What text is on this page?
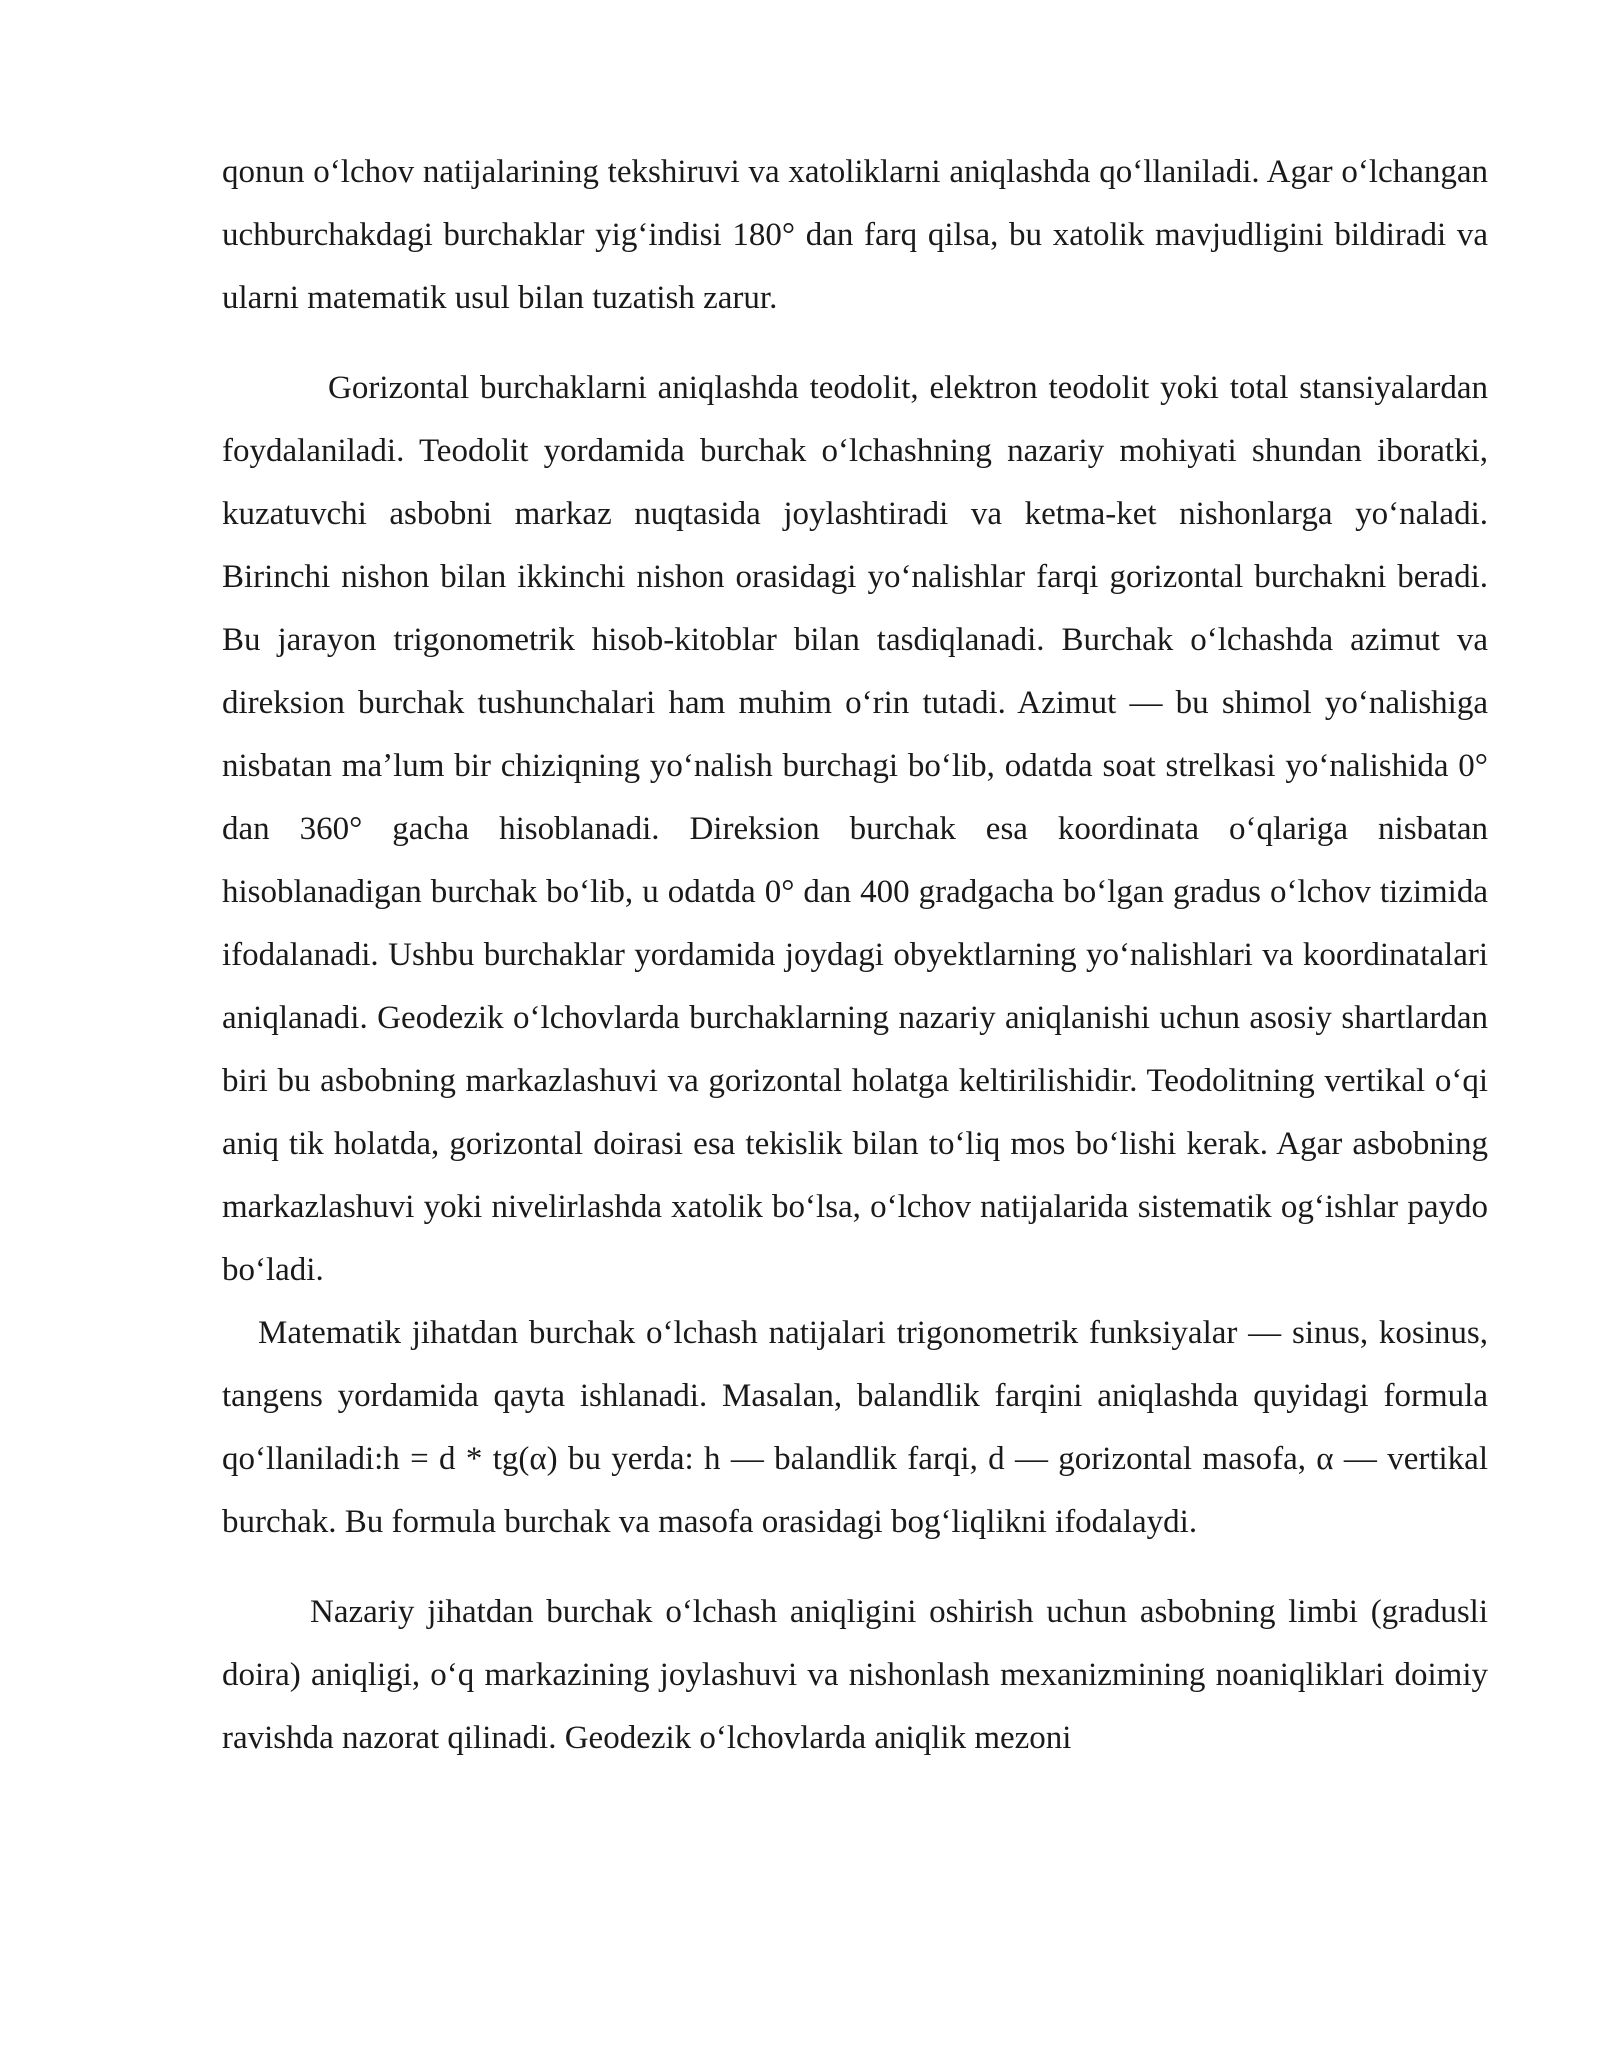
qonun oʻlchov natijalarining tekshiruvi va xatoliklarni aniqlashda qoʻllaniladi. Agar oʻlchangan uchburchakdagi burchaklar yigʻindisi 180° dan farq qilsa, bu xatolik mavjudligini bildiradi va ularni matematik usul bilan tuzatish zarur.

Gorizontal burchaklarni aniqlashda teodolit, elektron teodolit yoki total stansiyalardan foydalaniladi. Teodolit yordamida burchak oʻlchashning nazariy mohiyati shundan iboratki, kuzatuvchi asbobni markaz nuqtasida joylashtiradi va ketma-ket nishonlarga yoʻnaladi. Birinchi nishon bilan ikkinchi nishon orasidagi yoʻnalishlar farqi gorizontal burchakni beradi. Bu jarayon trigonometrik hisob-kitoblar bilan tasdiqlanadi. Burchak oʻlchashda azimut va direksion burchak tushunchalari ham muhim oʻrin tutadi. Azimut — bu shimol yoʻnalishiga nisbatan maʼlum bir chiziqning yoʻnalish burchagi boʻlib, odatda soat strelkasi yoʻnalishida 0° dan 360° gacha hisoblanadi. Direksion burchak esa koordinata oʻqlariga nisbatan hisoblanadigan burchak boʻlib, u odatda 0° dan 400 gradgacha boʻlgan gradus oʻlchov tizimida ifodalanadi. Ushbu burchaklar yordamida joydagi obyektlarning yoʻnalishlari va koordinatalari aniqlanadi. Geodezik oʻlchovlarda burchaklarning nazariy aniqlanishi uchun asosiy shartlardan biri bu asbobning markazlashuvi va gorizontal holatga keltirilishidir. Teodolitning vertikal oʻqi aniq tik holatda, gorizontal doirasi esa tekislik bilan toʻliq mos boʻlishi kerak. Agar asbobning markazlashuvi yoki nivelirlashda xatolik boʻlsa, oʻlchov natijalarida sistematik ogʻishlar paydo boʻladi.

Matematik jihatdan burchak oʻlchash natijalari trigonometrik funksiyalar — sinus, kosinus, tangens yordamida qayta ishlanadi. Masalan, balandlik farqini aniqlashda quyidagi formula qoʻllaniladi:h = d * tg(α) bu yerda: h — balandlik farqi, d — gorizontal masofa, α — vertikal burchak. Bu formula burchak va masofa orasidagi bogʻliqlikni ifodalaydi.

Nazariy jihatdan burchak oʻlchash aniqligini oshirish uchun asbobning limbi (gradusli doira) aniqligi, oʻq markazining joylashuvi va nishonlash mexanizmining noaniqliklari doimiy ravishda nazorat qilinadi. Geodezik oʻlchovlarda aniqlik mezoni
